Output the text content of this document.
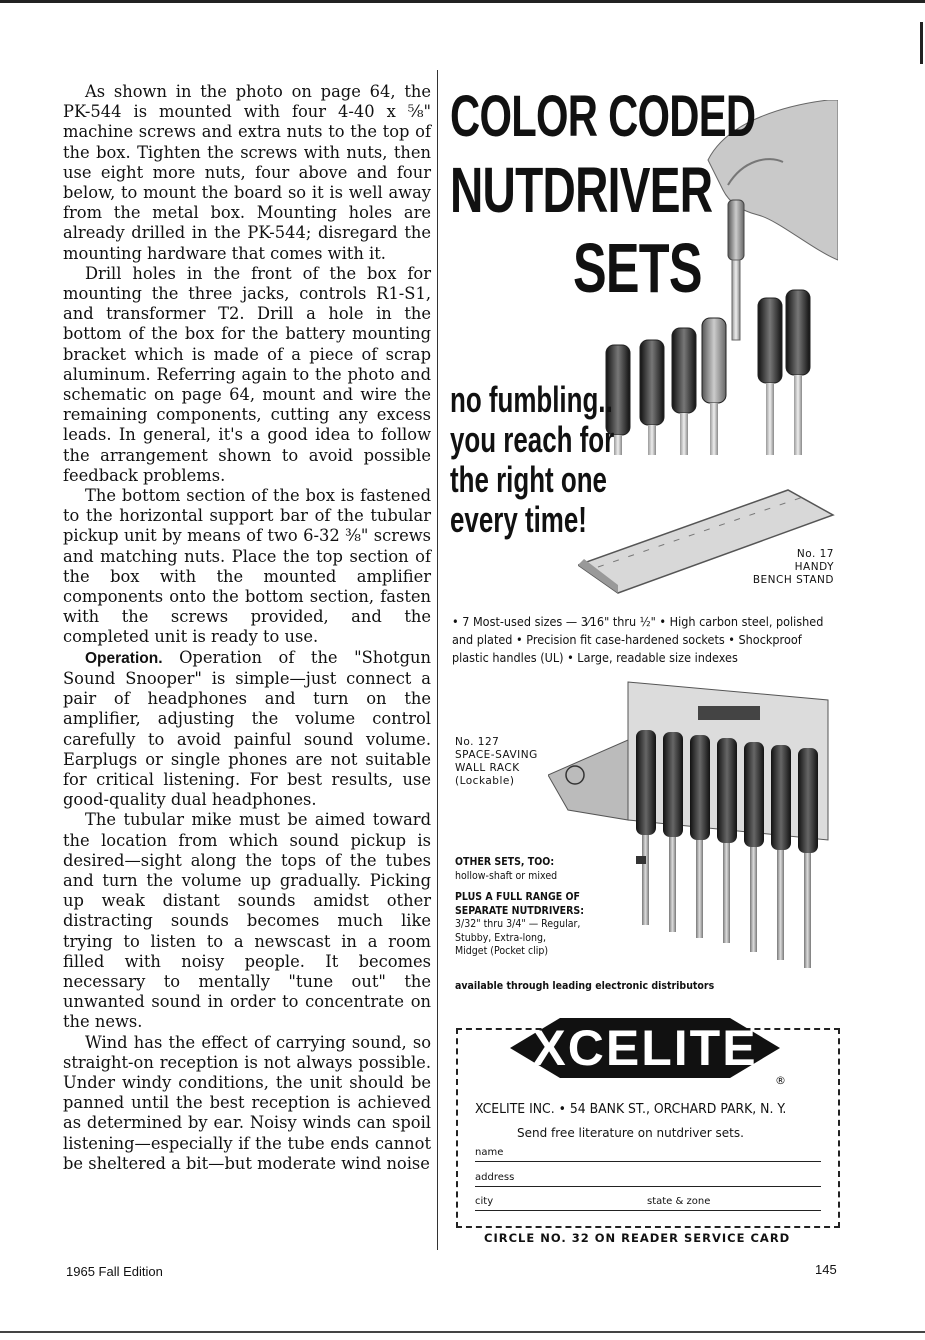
As shown in the photo on page 64, the PK-544 is mounted with four 4-40 x ⅝" machine screws and extra nuts to the top of the box. Tighten the screws with nuts, then use eight more nuts, four above and four below, to mount the board so it is well away from the metal box. Mounting holes are already drilled in the PK-544; disregard the mounting hardware that comes with it.

Drill holes in the front of the box for mounting the three jacks, controls R1-S1, and transformer T2. Drill a hole in the bottom of the box for the battery mounting bracket which is made of a piece of scrap aluminum. Referring again to the photo and schematic on page 64, mount and wire the remaining components, cutting any excess leads. In general, it's a good idea to follow the arrangement shown to avoid possible feedback problems.

The bottom section of the box is fastened to the horizontal support bar of the tubular pickup unit by means of two 6-32 ⅜" screws and matching nuts. Place the top section of the box with the mounted amplifier components onto the bottom section, fasten with the screws provided, and the completed unit is ready to use.

Operation. Operation of the "Shotgun Sound Snooper" is simple—just connect a pair of headphones and turn on the amplifier, adjusting the volume control carefully to avoid painful sound volume. Earplugs or single phones are not suitable for critical listening. For best results, use good-quality dual headphones.

The tubular mike must be aimed toward the location from which sound pickup is desired—sight along the tops of the tubes and turn the volume up gradually. Picking up weak distant sounds amidst other distracting sounds becomes much like trying to listen to a newscast in a room filled with noisy people. It becomes necessary to mentally "tune out" the unwanted sound in order to concentrate on the news.

Wind has the effect of carrying sound, so straight-on reception is not always possible. Under windy conditions, the unit should be panned until the best reception is achieved as determined by ear. Noisy winds can spoil listening—especially if the tube ends cannot be sheltered a bit—but moderate wind noise

1965 Fall Edition	145
COLOR CODED
NUTDRIVER
SETS
no fumbling..
you reach for
the right one
every time!
No. 17
HANDY
BENCH STAND
• 7 Most-used sizes — 3⁄16" thru ½" • High carbon steel, polished and plated • Precision fit case-hardened sockets • Shockproof plastic handles (UL) • Large, readable size indexes
No. 127
SPACE-SAVING
WALL RACK
(Lockable)
OTHER SETS, TOO:
hollow-shaft or mixed
PLUS A FULL RANGE OF
SEPARATE NUTDRIVERS:
3/32" thru 3/4" — Regular,
Stubby, Extra-long,
Midget (Pocket clip)
available through leading electronic distributors
XCELITE
®
XCELITE INC. • 54 BANK ST., ORCHARD PARK, N. Y.
Send free literature on nutdriver sets.
name
address
city	state & zone
CIRCLE NO. 32 ON READER SERVICE CARD
